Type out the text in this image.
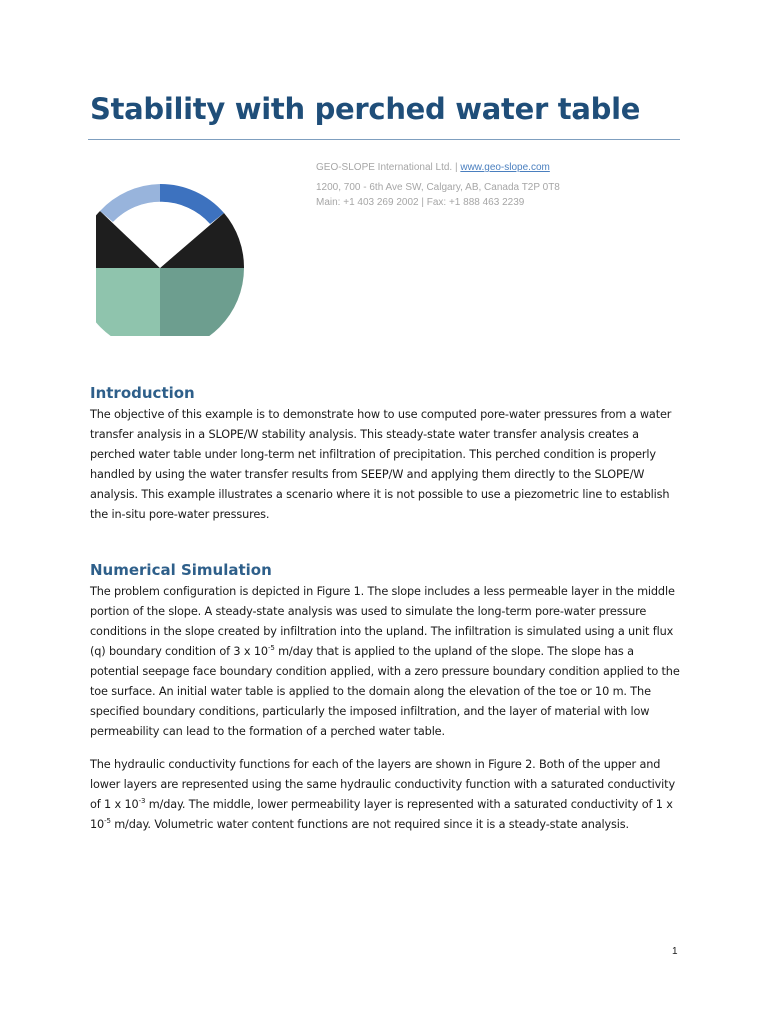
Stability with perched water table
GEO-SLOPE International Ltd. | www.geo-slope.com
1200, 700 - 6th Ave SW, Calgary, AB, Canada T2P 0T8
Main: +1 403 269 2002 | Fax: +1 888 463 2239
Introduction

The objective of this example is to demonstrate how to use computed pore-water pressures from a water transfer analysis in a SLOPE/W stability analysis. This steady-state water transfer analysis creates a perched water table under long-term net infiltration of precipitation. This perched condition is properly handled by using the water transfer results from SEEP/W and applying them directly to the SLOPE/W analysis. This example illustrates a scenario where it is not possible to use a piezometric line to establish the in-situ pore-water pressures.

Numerical Simulation

The problem configuration is depicted in Figure 1. The slope includes a less permeable layer in the middle portion of the slope. A steady-state analysis was used to simulate the long-term pore-water pressure conditions in the slope created by infiltration into the upland. The infiltration is simulated using a unit flux (q) boundary condition of 3 x $10^{-5}$ m/day that is applied to the upland of the slope. The slope has a potential seepage face boundary condition applied, with a zero pressure boundary condition applied to the toe surface. An initial water table is applied to the domain along the elevation of the toe or 10 m. The specified boundary conditions, particularly the imposed infiltration, and the layer of material with low permeability can lead to the formation of a perched water table.

The hydraulic conductivity functions for each of the layers are shown in Figure 2. Both of the upper and lower layers are represented using the same hydraulic conductivity function with a saturated conductivity of 1 x $10^{-3}$ m/day. The middle, lower permeability layer is represented with a saturated conductivity of 1 x $10^{-5}$ m/day. Volumetric water content functions are not required since it is a steady-state analysis.

1
